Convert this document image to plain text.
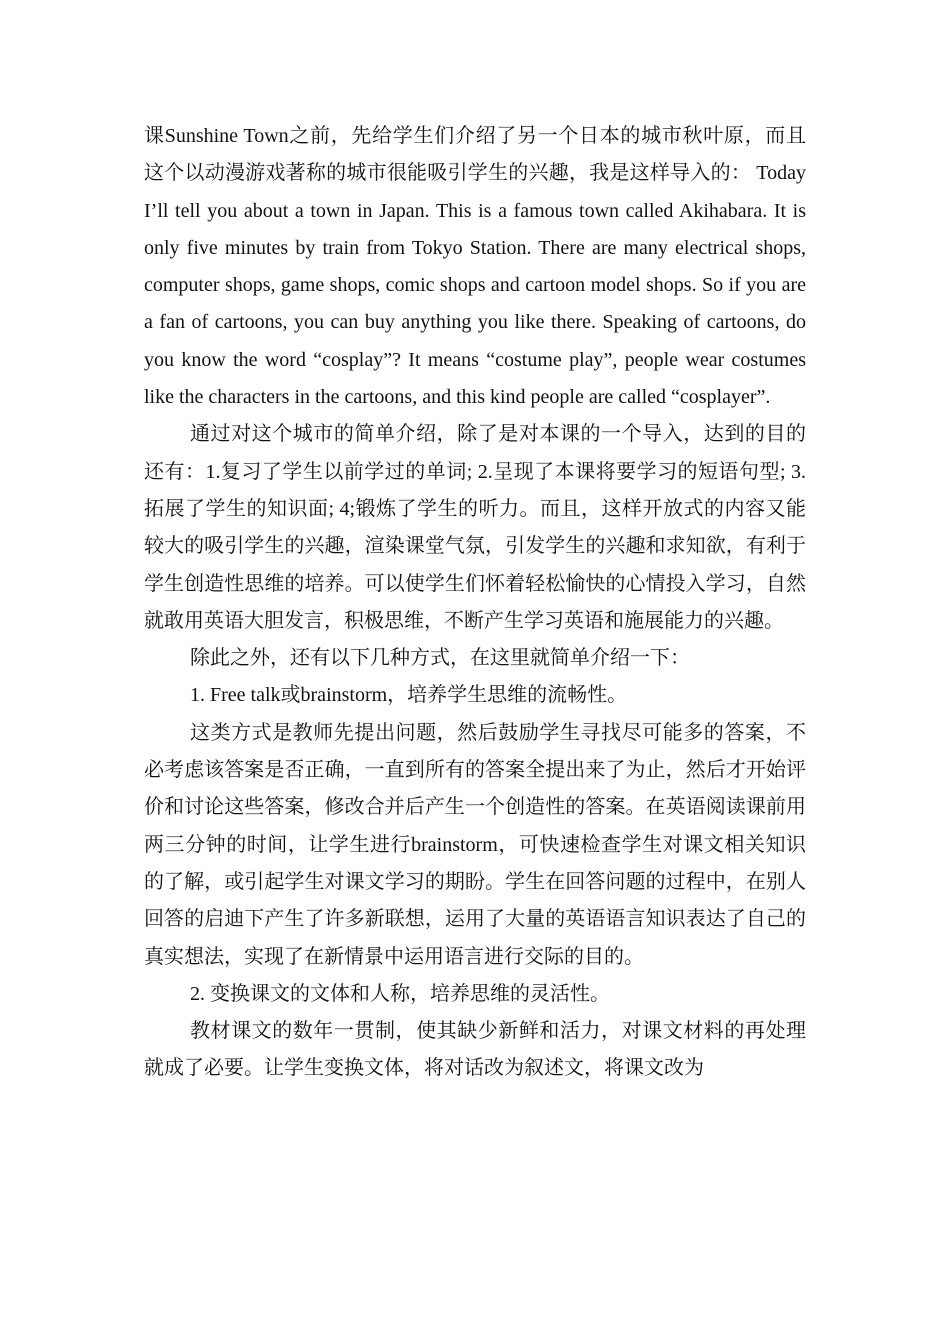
课Sunshine Town之前，先给学生们介绍了另一个日本的城市秋叶原，而且这个以动漫游戏著称的城市很能吸引学生的兴趣，我是这样导入的： Today I’ll tell you about a town in Japan. This is a famous town called Akihabara. It is only five minutes by train from Tokyo Station. There are many electrical shops, computer shops, game shops, comic shops and cartoon model shops. So if you are a fan of cartoons, you can buy anything you like there. Speaking of cartoons, do you know the word “cosplay”? It means “costume play”, people wear costumes like the characters in the cartoons, and this kind people are called “cosplayer”.

通过对这个城市的简单介绍，除了是对本课的一个导入，达到的目的还有：1.复习了学生以前学过的单词; 2.呈现了本课将要学习的短语句型; 3.拓展了学生的知识面; 4;锻炼了学生的听力。而且，这样开放式的内容又能较大的吸引学生的兴趣，渲染课堂气氛，引发学生的兴趣和求知欲，有利于学生创造性思维的培养。可以使学生们怀着轻松愉快的心情投入学习，自然就敢用英语大胆发言，积极思维，不断产生学习英语和施展能力的兴趣。

除此之外，还有以下几种方式，在这里就简单介绍一下：

1. Free talk或brainstorm，培养学生思维的流畅性。

这类方式是教师先提出问题，然后鼓励学生寻找尽可能多的答案，不必考虑该答案是否正确，一直到所有的答案全提出来了为止，然后才开始评价和讨论这些答案，修改合并后产生一个创造性的答案。在英语阅读课前用两三分钟的时间，让学生进行brainstorm，可快速检查学生对课文相关知识的了解，或引起学生对课文学习的期盼。学生在回答问题的过程中，在别人回答的启迪下产生了许多新联想，运用了大量的英语语言知识表达了自己的真实想法，实现了在新情景中运用语言进行交际的目的。

2. 变换课文的文体和人称，培养思维的灵活性。

教材课文的数年一贯制，使其缺少新鲜和活力，对课文材料的再处理就成了必要。让学生变换文体，将对话改为叙述文，将课文改为
